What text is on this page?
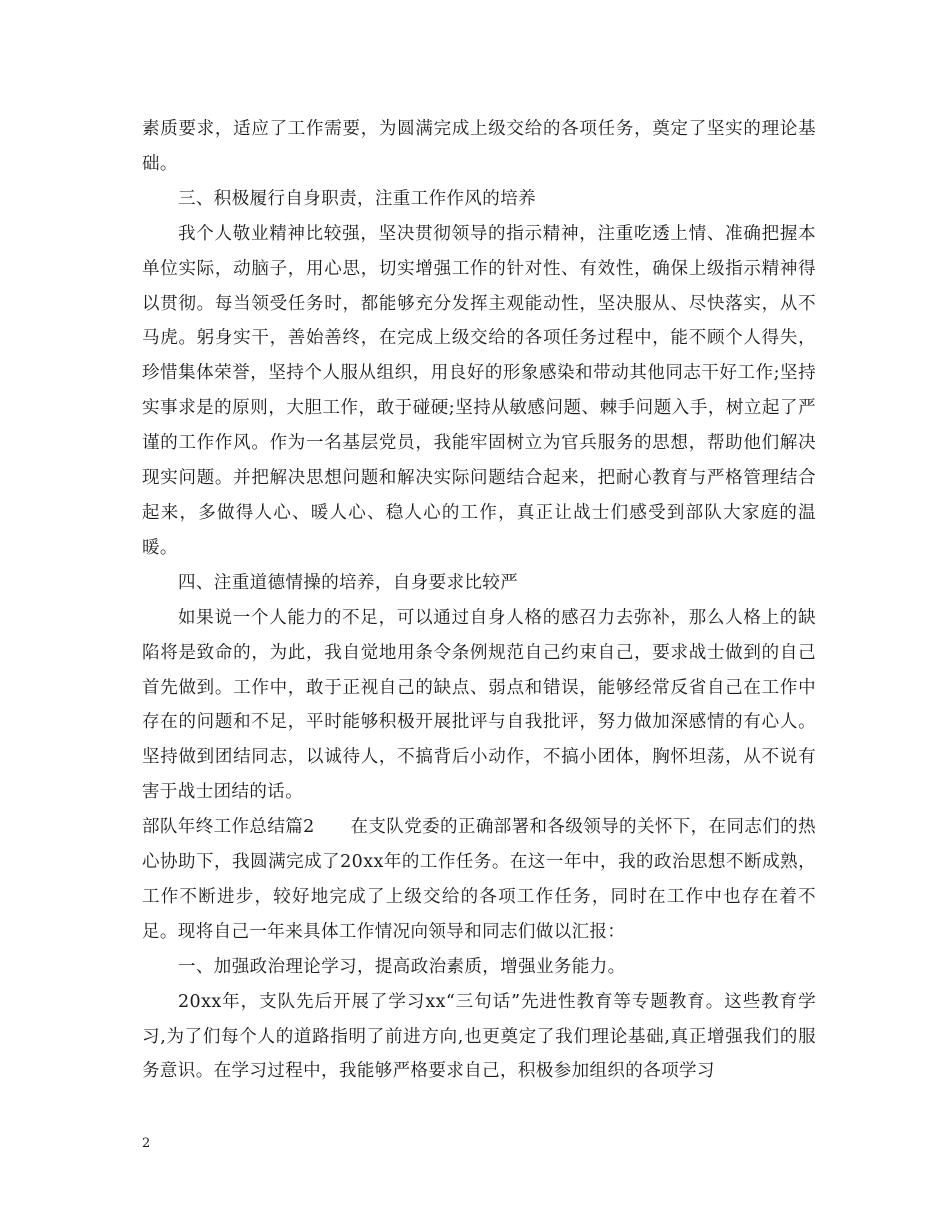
素质要求，适应了工作需要，为圆满完成上级交给的各项任务，奠定了坚实的理论基础。

三、积极履行自身职责，注重工作作风的培养

我个人敬业精神比较强，坚决贯彻领导的指示精神，注重吃透上情、准确把握本单位实际，动脑子，用心思，切实增强工作的针对性、有效性，确保上级指示精神得以贯彻。每当领受任务时，都能够充分发挥主观能动性，坚决服从、尽快落实，从不马虎。躬身实干，善始善终，在完成上级交给的各项任务过程中，能不顾个人得失，珍惜集体荣誉，坚持个人服从组织，用良好的形象感染和带动其他同志干好工作;坚持实事求是的原则，大胆工作，敢于碰硬;坚持从敏感问题、棘手问题入手，树立起了严谨的工作作风。作为一名基层党员，我能牢固树立为官兵服务的思想，帮助他们解决现实问题。并把解决思想问题和解决实际问题结合起来，把耐心教育与严格管理结合起来，多做得人心、暖人心、稳人心的工作，真正让战士们感受到部队大家庭的温暖。

四、注重道德情操的培养，自身要求比较严

如果说一个人能力的不足，可以通过自身人格的感召力去弥补，那么人格上的缺陷将是致命的，为此，我自觉地用条令条例规范自己约束自己，要求战士做到的自己首先做到。工作中，敢于正视自己的缺点、弱点和错误，能够经常反省自己在工作中存在的问题和不足，平时能够积极开展批评与自我批评，努力做加深感情的有心人。坚持做到团结同志，以诚待人，不搞背后小动作，不搞小团体，胸怀坦荡，从不说有害于战士团结的话。

部队年终工作总结篇2　　在支队党委的正确部署和各级领导的关怀下，在同志们的热心协助下，我圆满完成了20xx年的工作任务。在这一年中，我的政治思想不断成熟，工作不断进步，较好地完成了上级交给的各项工作任务，同时在工作中也存在着不足。现将自己一年来具体工作情况向领导和同志们做以汇报：

一、加强政治理论学习，提高政治素质，增强业务能力。

20xx年，支队先后开展了学习xx“三句话”先进性教育等专题教育。这些教育学习,为了们每个人的道路指明了前进方向,也更奠定了我们理论基础,真正增强我们的服务意识。在学习过程中，我能够严格要求自己，积极参加组织的各项学习

2
